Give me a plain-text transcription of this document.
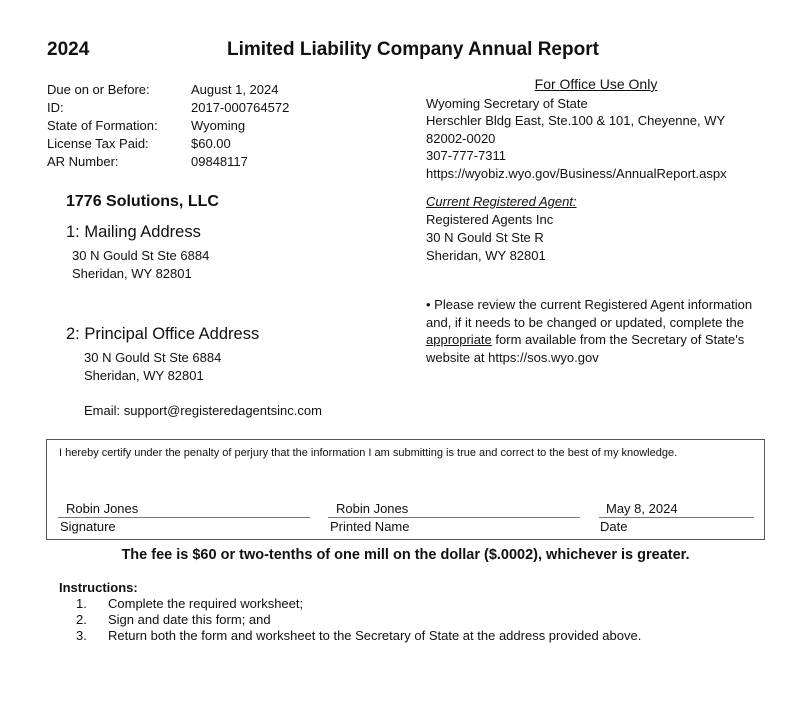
2024	Limited Liability Company Annual Report
Due on or Before:
ID:
State of Formation:
License Tax Paid:
AR Number:
August 1, 2024
2017-000764572
Wyoming
$60.00
09848117
For Office Use Only
Wyoming Secretary of State
Herschler Bldg East, Ste.100 & 101, Cheyenne, WY
82002-0020
307-777-7311
https://wyobiz.wyo.gov/Business/AnnualReport.aspx
Current Registered Agent:
Registered Agents Inc
30 N Gould St Ste R
Sheridan, WY 82801
• Please review the current Registered Agent information and, if it needs to be changed or updated, complete the appropriate form available from the Secretary of State's website at https://sos.wyo.gov
1776 Solutions, LLC
1: Mailing Address
30 N Gould St Ste 6884
Sheridan, WY 82801
2: Principal Office Address
30 N Gould St Ste 6884
Sheridan, WY 82801
Email: support@registeredagentsinc.com
I hereby certify under the penalty of perjury that the information I am submitting is true and correct to the best of my knowledge.
Robin Jones
Signature
Robin Jones
Printed Name
May 8, 2024
Date
The fee is $60 or two-tenths of one mill on the dollar ($.0002), whichever is greater.
Instructions:
1. Complete the required worksheet;
2. Sign and date this form; and
3. Return both the form and worksheet to the Secretary of State at the address provided above.
